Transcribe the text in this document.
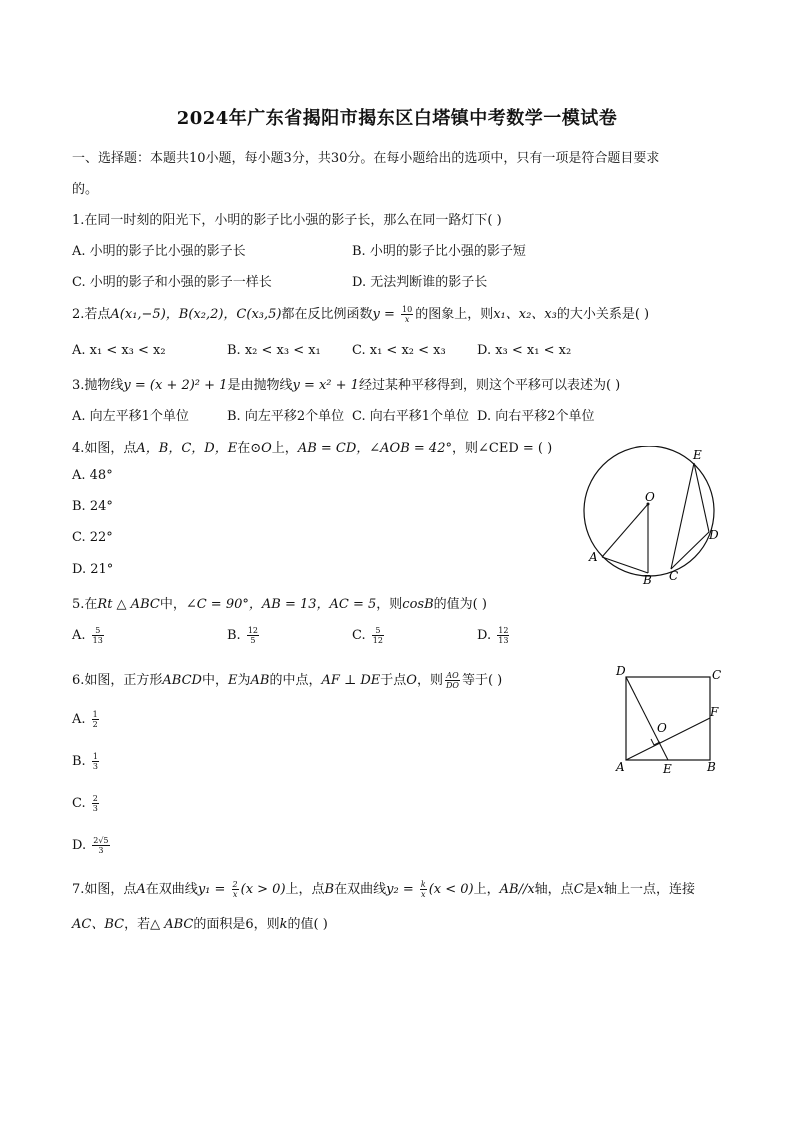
2024年广东省揭阳市揭东区白塔镇中考数学一模试卷
一、选择题：本题共10小题，每小题3分，共30分。在每小题给出的选项中，只有一项是符合题目要求
的。
1.在同一时刻的阳光下，小明的影子比小强的影子长，那么在同一路灯下( )
A. 小明的影子比小强的影子长	B. 小明的影子比小强的影子短
C. 小明的影子和小强的影子一样长	D. 无法判断谁的影子长
2.若点A(x₁,−5)，B(x₂,2)，C(x₃,5)都在反比例函数$y = \frac{10}{x}$ 的图象上，则x₁、x₂、x₃的大小关系是( )
A. x₁ < x₃ < x₂	B. x₂ < x₃ < x₁ C. x₁ < x₂ < x₃ D. x₃ < x₁ < x₂
3.抛物线y = (x + 2)² + 1是由抛物线y = x² + 1经过某种平移得到，则这个平移可以表述为( )
A. 向左平移1个单位	B. 向左平移2个单位 C. 向右平移1个单位 D. 向右平移2个单位
4.如图，点A，B，C，D，E在⊙O上，AB = CD，∠AOB = 42°，则∠CED = ( )
A. 48°
B. 24°
C. 22°
D. 21°
O
A
B C
D
E
5.在Rt △ ABC中，∠C = 90°，AB = 13，AC = 5，则cosB的值为( )
A. $\frac{5}{13}$	B. $\frac{12}{5}$	C. $\frac{5}{12}$	D. $\frac{12}{13}$
6.如图，正方形ABCD中，E为AB的中点，AF ⊥ DE于点O，则 $\frac{AO}{DO}$ 等于( )
A. $\frac{1}{2}$
B. $\frac{1}{3}$
C. $\frac{2}{3}$
D. $\frac{2√5}{3}$
D	C
F
O
A	E	B
7.如图，点A在双曲线$y_1 = \frac{2}{x} (x > 0)$上，点B在双曲线$y_2 = \frac{k}{x} (x < 0)$上，AB//x轴，点C是x轴上一点，连接
AC、BC，若△ ABC的面积是6，则k的值( )
